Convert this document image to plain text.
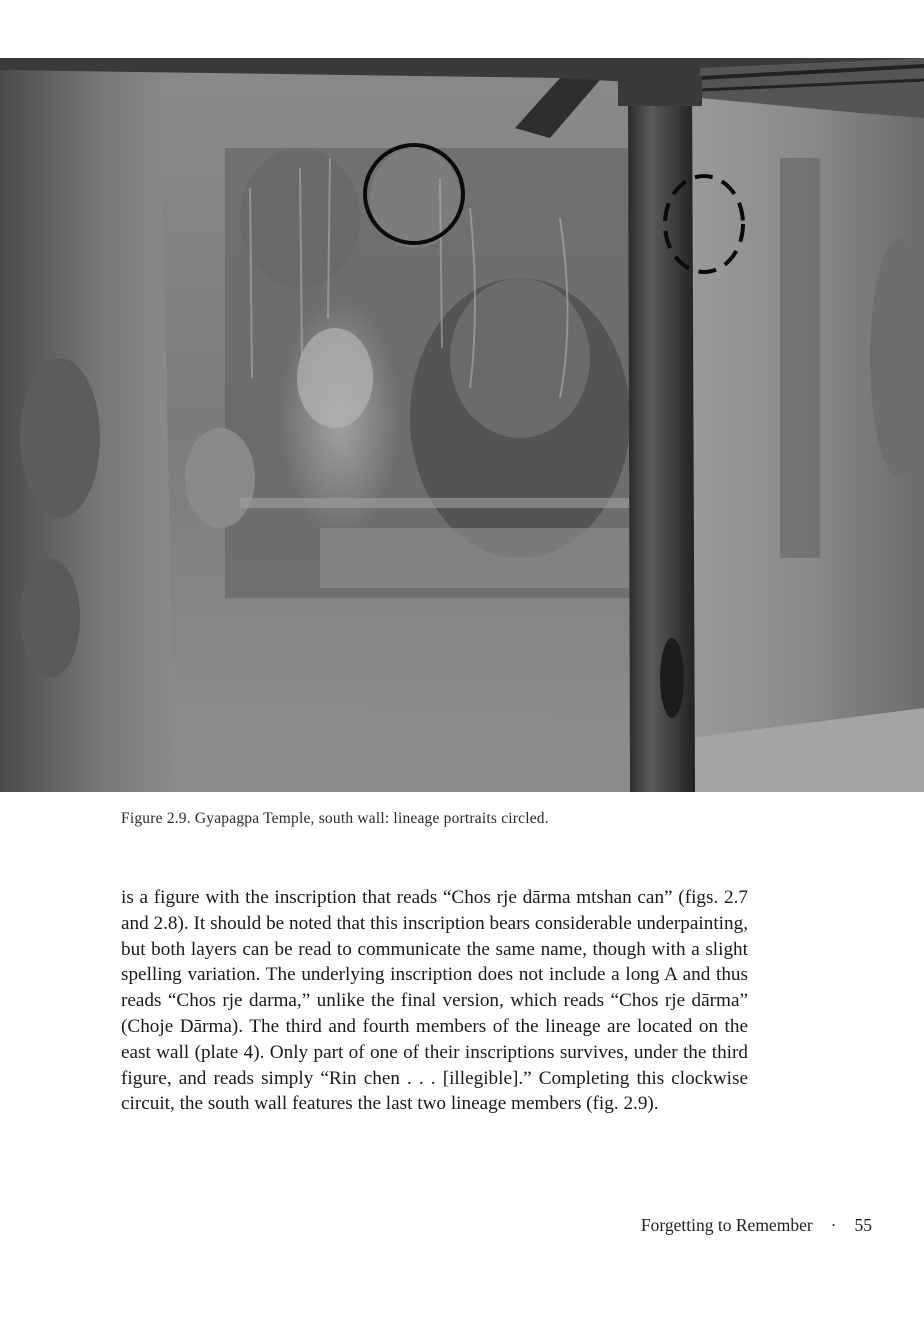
Figure 2.9. Gyapagpa Temple, south wall: lineage portraits circled.

is a figure with the inscription that reads “Chos rje dārma mtshan can” (figs. 2.7 and 2.8). It should be noted that this inscription bears considerable underpainting, but both layers can be read to communicate the same name, though with a slight spelling variation. The underlying inscription does not include a long A and thus reads “Chos rje darma,” unlike the final version, which reads “Chos rje dārma” (Choje Dārma). The third and fourth members of the lineage are located on the east wall (plate 4). Only part of one of their inscriptions survives, under the third figure, and reads simply “Rin chen . . . [illegible].” Completing this clockwise circuit, the south wall features the last two lineage members (fig. 2.9).

Forgetting to Remember · 55
